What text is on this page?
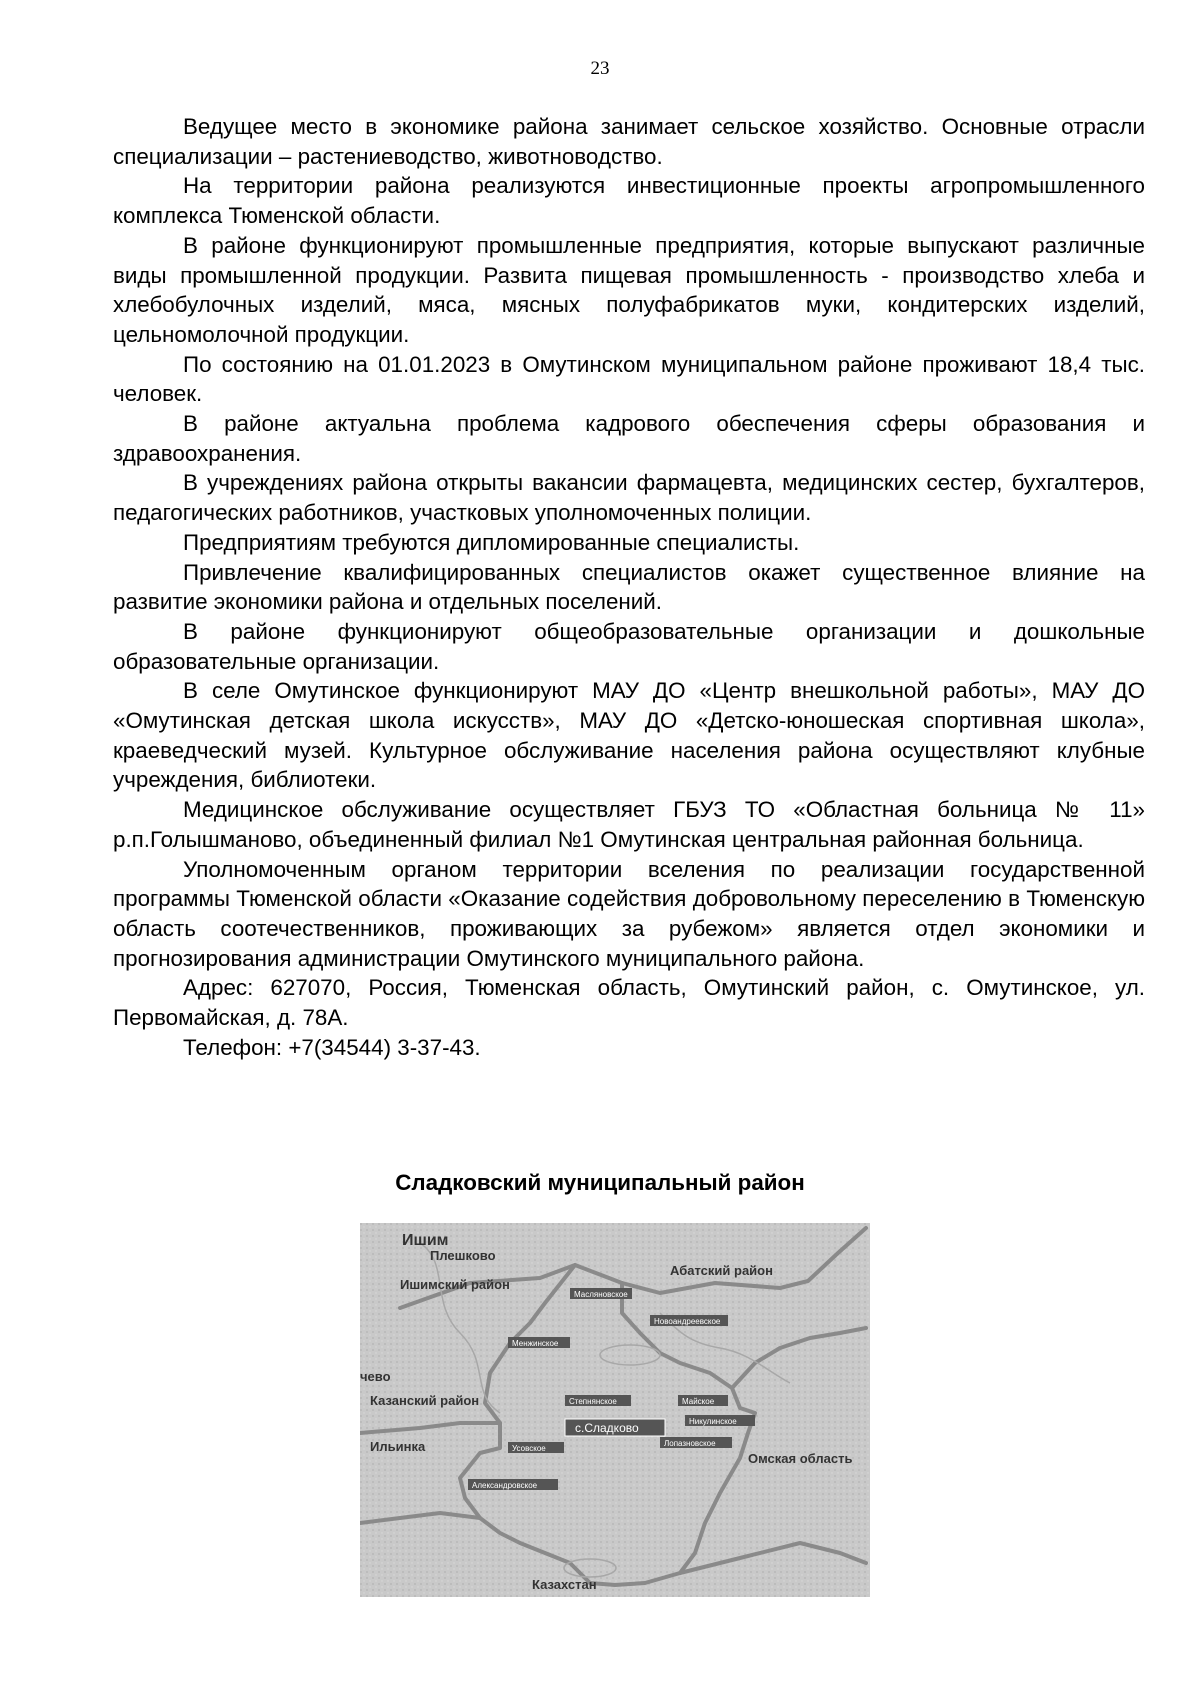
23

Ведущее место в экономике района занимает сельское хозяйство. Основные отрасли специализации – растениеводство, животноводство.

На территории района реализуются инвестиционные проекты агропромышленного комплекса Тюменской области.

В районе функционируют промышленные предприятия, которые выпускают различные виды промышленной продукции. Развита пищевая промышленность - производство хлеба и хлебобулочных изделий, мяса, мясных полуфабрикатов муки, кондитерских изделий, цельномолочной продукции.

По состоянию на 01.01.2023 в Омутинском муниципальном районе проживают 18,4 тыс. человек.

В районе актуальна проблема кадрового обеспечения сферы образования и здравоохранения.

В учреждениях района открыты вакансии фармацевта, медицинских сестер, бухгалтеров, педагогических работников, участковых уполномоченных полиции.

Предприятиям требуются дипломированные специалисты.

Привлечение квалифицированных специалистов окажет существенное влияние на развитие экономики района и отдельных поселений.

В районе функционируют общеобразовательные организации и дошкольные образовательные организации.

В селе Омутинское функционируют МАУ ДО «Центр внешкольной работы», МАУ ДО «Омутинская детская школа искусств», МАУ ДО «Детско-юношеская спортивная школа», краеведческий музей. Культурное обслуживание населения района осуществляют клубные учреждения, библиотеки.

Медицинское обслуживание осуществляет ГБУЗ ТО «Областная больница № 11» р.п.Голышманово, объединенный филиал №1 Омутинская центральная районная больница.

Уполномоченным органом территории вселения по реализации государственной программы Тюменской области «Оказание содействия добровольному переселению в Тюменскую область соотечественников, проживающих за рубежом» является отдел экономики и прогнозирования администрации Омутинского муниципального района.

Адрес: 627070, Россия, Тюменская область, Омутинский район, с. Омутинское, ул. Первомайская, д. 78А.

Телефон: +7(34544) 3-37-43.

Сладковский муниципальный район
Ишим
Плешково
Ишимский район
Абатский район
чево
Казанский район
Ильинка
Омская область
Казахстан
Масляновское
Новоандреевское
Менжинское
Степнянское	Майское
Никулинское
с.Сладково
Усовское
Лопазновское
Александровское
